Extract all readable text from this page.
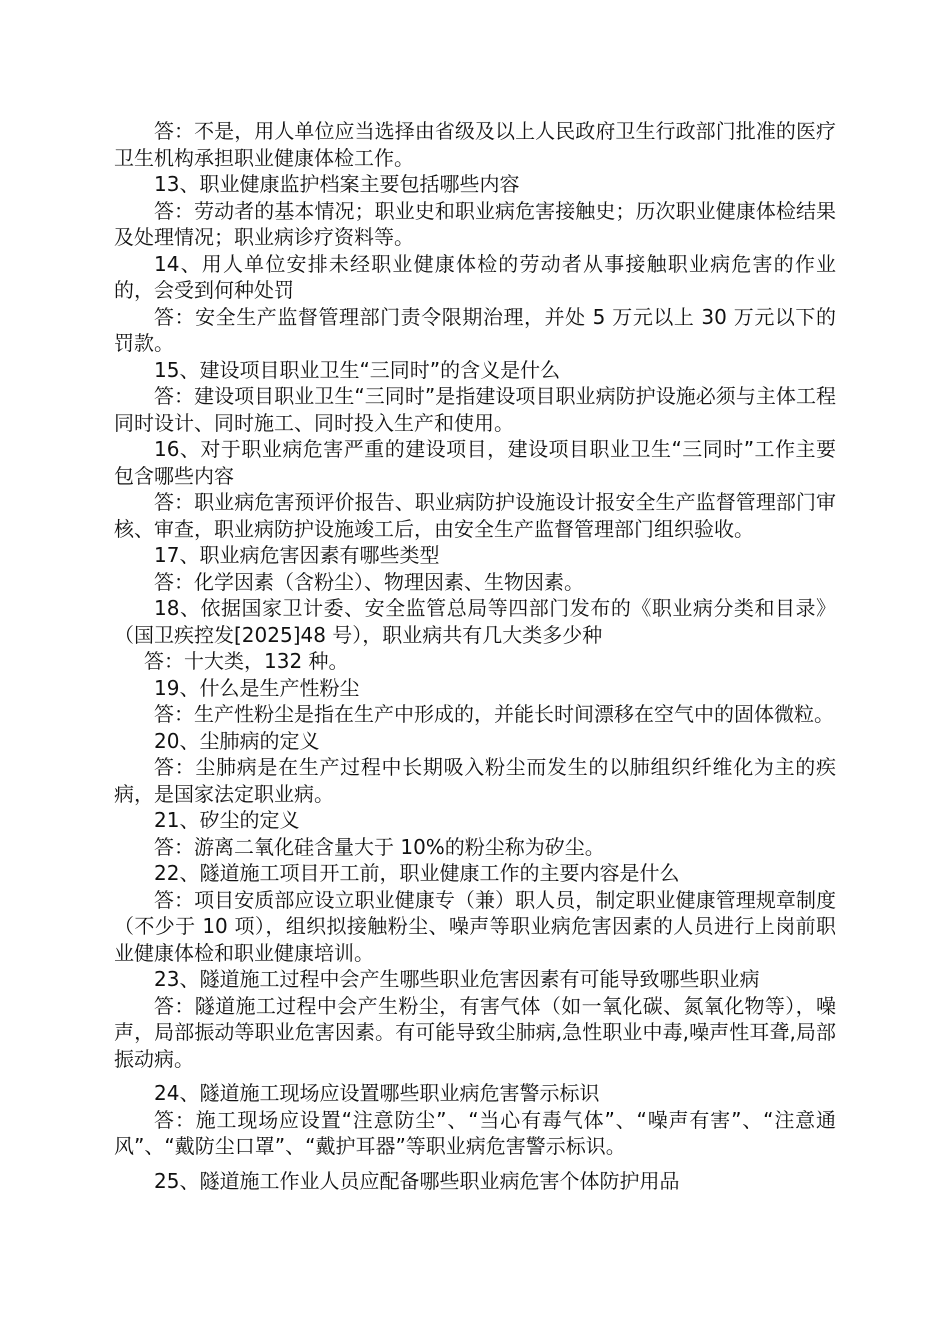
答：不是，用人单位应当选择由省级及以上人民政府卫生行政部门批准的医疗卫生机构承担职业健康体检工作。

13、职业健康监护档案主要包括哪些内容

答：劳动者的基本情况；职业史和职业病危害接触史；历次职业健康体检结果及处理情况；职业病诊疗资料等。

14、用人单位安排未经职业健康体检的劳动者从事接触职业病危害的作业的，会受到何种处罚

答：安全生产监督管理部门责令限期治理，并处 5 万元以上 30 万元以下的罚款。

15、建设项目职业卫生“三同时”的含义是什么

答：建设项目职业卫生“三同时”是指建设项目职业病防护设施必须与主体工程同时设计、同时施工、同时投入生产和使用。

16、对于职业病危害严重的建设项目，建设项目职业卫生“三同时”工作主要包含哪些内容

答：职业病危害预评价报告、职业病防护设施设计报安全生产监督管理部门审核、审查，职业病防护设施竣工后，由安全生产监督管理部门组织验收。

17、职业病危害因素有哪些类型

答：化学因素（含粉尘）、物理因素、生物因素。

18、依据国家卫计委、安全监管总局等四部门发布的《职业病分类和目录》（国卫疾控发[2025]48 号），职业病共有几大类多少种

答：十大类，132 种。

19、什么是生产性粉尘

答：生产性粉尘是指在生产中形成的，并能长时间漂移在空气中的固体微粒。

20、尘肺病的定义

答：尘肺病是在生产过程中长期吸入粉尘而发生的以肺组织纤维化为主的疾病，是国家法定职业病。

21、矽尘的定义

答：游离二氧化硅含量大于 10%的粉尘称为矽尘。

22、隧道施工项目开工前，职业健康工作的主要内容是什么

答：项目安质部应设立职业健康专（兼）职人员，制定职业健康管理规章制度（不少于 10 项），组织拟接触粉尘、噪声等职业病危害因素的人员进行上岗前职业健康体检和职业健康培训。

23、隧道施工过程中会产生哪些职业危害因素有可能导致哪些职业病

答：隧道施工过程中会产生粉尘，有害气体（如一氧化碳、氮氧化物等），噪声，局部振动等职业危害因素。有可能导致尘肺病,急性职业中毒,噪声性耳聋,局部振动病。

24、隧道施工现场应设置哪些职业病危害警示标识

答：施工现场应设置“注意防尘”、“当心有毒气体”、“噪声有害”、“注意通风”、“戴防尘口罩”、“戴护耳器”等职业病危害警示标识。

25、隧道施工作业人员应配备哪些职业病危害个体防护用品
